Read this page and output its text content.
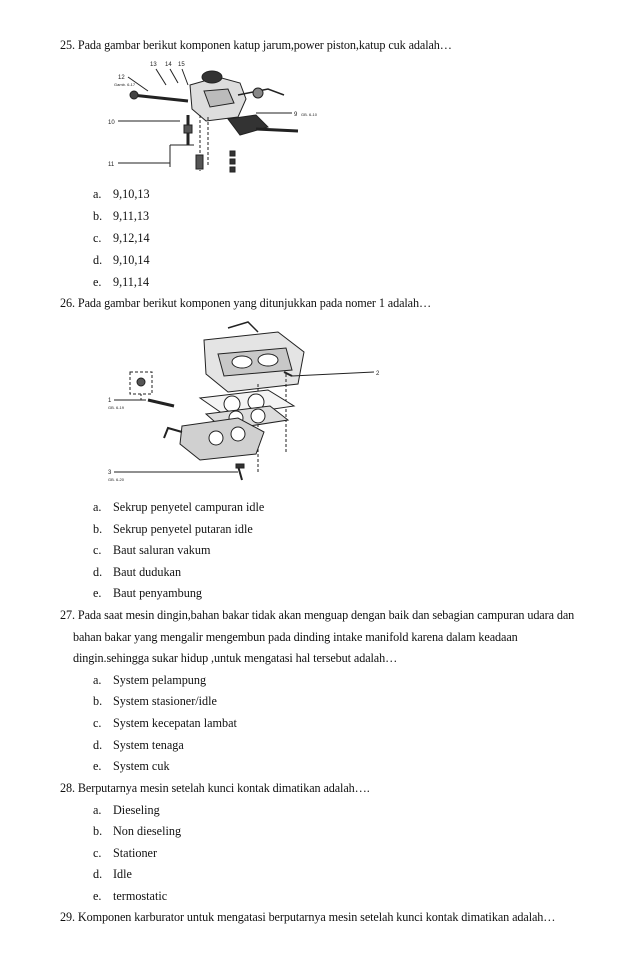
25. Pada gambar berikut komponen katup jarum,power piston,katup cuk adalah…
12
Gamb. 6-17
13 14 15
10
11
9 GB. 6-10
a. 9,10,13
b. 9,11,13
c. 9,12,14
d. 9,10,14
e. 9,11,14
26. Pada gambar berikut komponen yang ditunjukkan pada nomer 1 adalah…
1
GB. 6-19
2
3
GB. 6-20
a. Sekrup penyetel campuran idle
b. Sekrup penyetel putaran idle
c. Baut saluran vakum
d. Baut dudukan
e. Baut penyambung
27. Pada saat mesin dingin,bahan bakar tidak akan menguap dengan baik dan sebagian campuran udara dan
bahan bakar yang mengalir mengembun pada dinding intake manifold karena dalam keadaan
dingin.sehingga sukar hidup ,untuk mengatasi hal tersebut adalah…
a. System pelampung
b. System stasioner/idle
c. System kecepatan lambat
d. System tenaga
e. System cuk
28. Berputarnya mesin setelah kunci kontak dimatikan adalah….
a. Dieseling
b. Non dieseling
c. Stationer
d. Idle
e. termostatic
29. Komponen karburator untuk mengatasi berputarnya mesin setelah kunci kontak dimatikan adalah…
